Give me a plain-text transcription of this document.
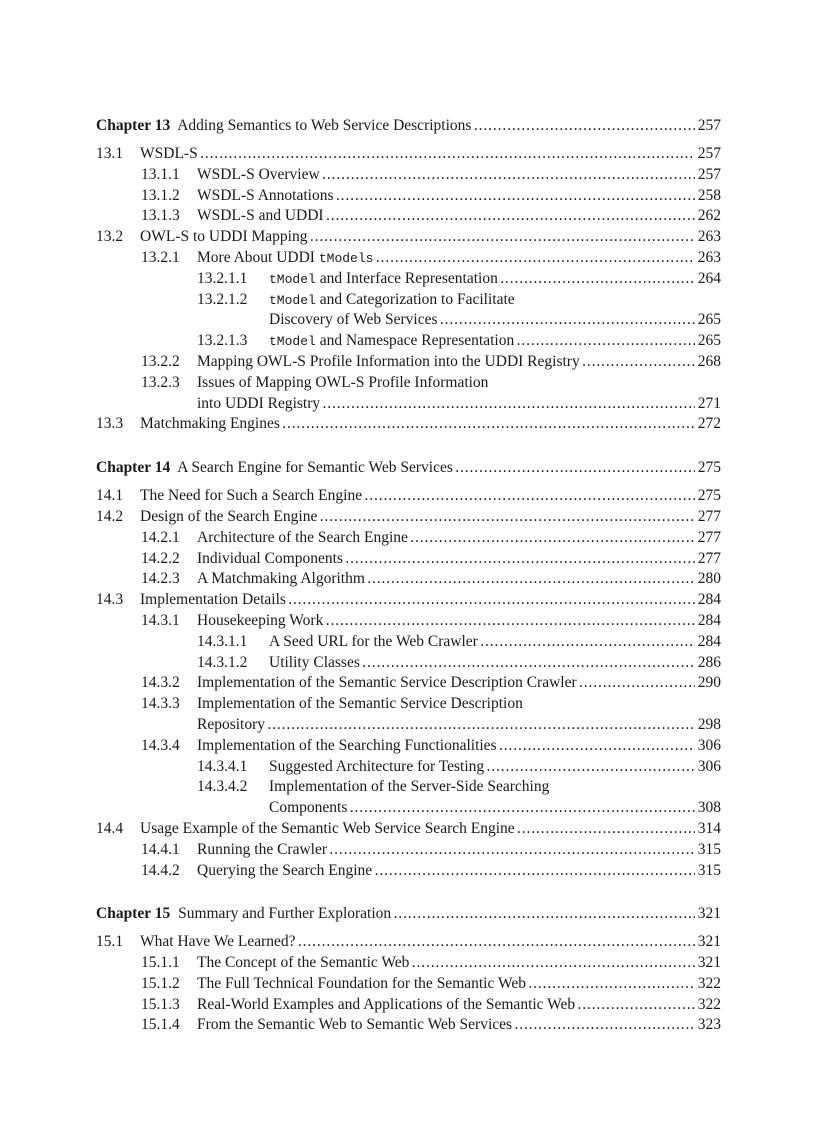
Chapter 13 Adding Semantics to Web Service Descriptions . . .	257
13.1 WSDL-S . . .	257
13.1.1 WSDL-S Overview . . .	257
13.1.2 WSDL-S Annotations . . .	258
13.1.3 WSDL-S and UDDI . . .	262
13.2 OWL-S to UDDI Mapping . . .	263
13.2.1 More About UDDI tModels . . .	263
13.2.1.1 tModel and Interface Representation . . .	264
13.2.1.2 tModel and Categorization to Facilitate
Discovery of Web Services . . .	265
13.2.1.3 tModel and Namespace Representation . . .	265
13.2.2 Mapping OWL-S Profile Information into the UDDI Registry . . .	268
13.2.3 Issues of Mapping OWL-S Profile Information
into UDDI Registry . . .	271
13.3 Matchmaking Engines . . .	272
Chapter 14 A Search Engine for Semantic Web Services . . .	275
14.1 The Need for Such a Search Engine . . .	275
14.2 Design of the Search Engine . . .	277
14.2.1 Architecture of the Search Engine . . .	277
14.2.2 Individual Components . . .	277
14.2.3 A Matchmaking Algorithm . . .	280
14.3 Implementation Details . . .	284
14.3.1 Housekeeping Work . . .	284
14.3.1.1 A Seed URL for the Web Crawler . . .	284
14.3.1.2 Utility Classes . . .	286
14.3.2 Implementation of the Semantic Service Description Crawler . . .	290
14.3.3 Implementation of the Semantic Service Description
Repository . . .	298
14.3.4 Implementation of the Searching Functionalities . . .	306
14.3.4.1 Suggested Architecture for Testing . . .	306
14.3.4.2 Implementation of the Server-Side Searching
Components . . .	308
14.4 Usage Example of the Semantic Web Service Search Engine . . .	314
14.4.1 Running the Crawler . . .	315
14.4.2 Querying the Search Engine . . .	315
Chapter 15 Summary and Further Exploration . . .	321
15.1 What Have We Learned? . . .	321
15.1.1 The Concept of the Semantic Web . . .	321
15.1.2 The Full Technical Foundation for the Semantic Web . . .	322
15.1.3 Real-World Examples and Applications of the Semantic Web . . .	322
15.1.4 From the Semantic Web to Semantic Web Services . . .	323
